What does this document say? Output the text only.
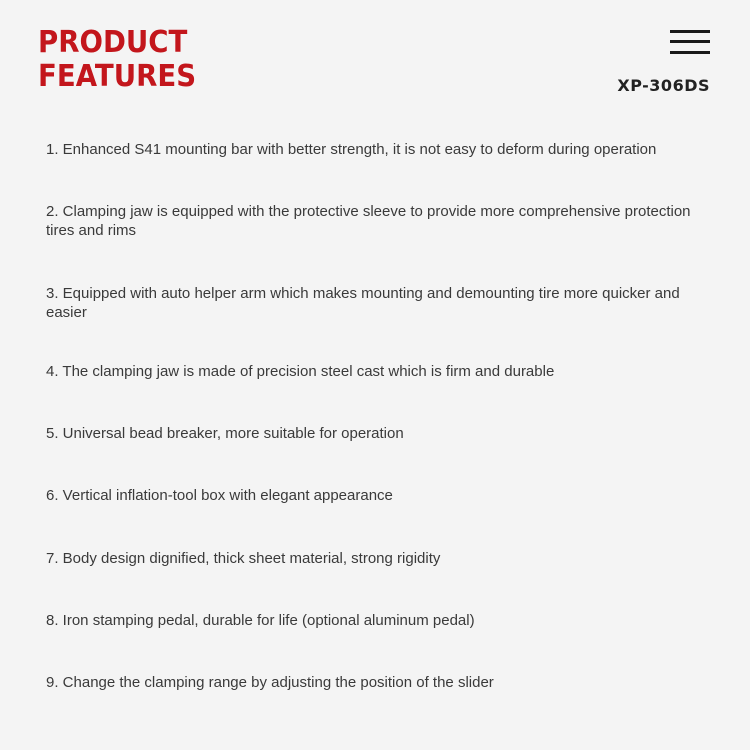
PRODUCT
FEATURES	XP-306DS
1. Enhanced S41 mounting bar with better strength, it is not easy to deform during operation
2. Clamping jaw is equipped with the protective sleeve to provide more comprehensive protection tires and rims
3. Equipped with auto helper arm which makes mounting and demounting tire more quicker and easier
4. The clamping jaw is made of precision steel cast which is firm and durable
5. Universal bead breaker, more suitable for operation
6. Vertical inflation-tool box with elegant appearance
7. Body design dignified, thick sheet material, strong rigidity
8. Iron stamping pedal, durable for life (optional aluminum pedal)
9. Change the clamping range by adjusting the position of the slider
